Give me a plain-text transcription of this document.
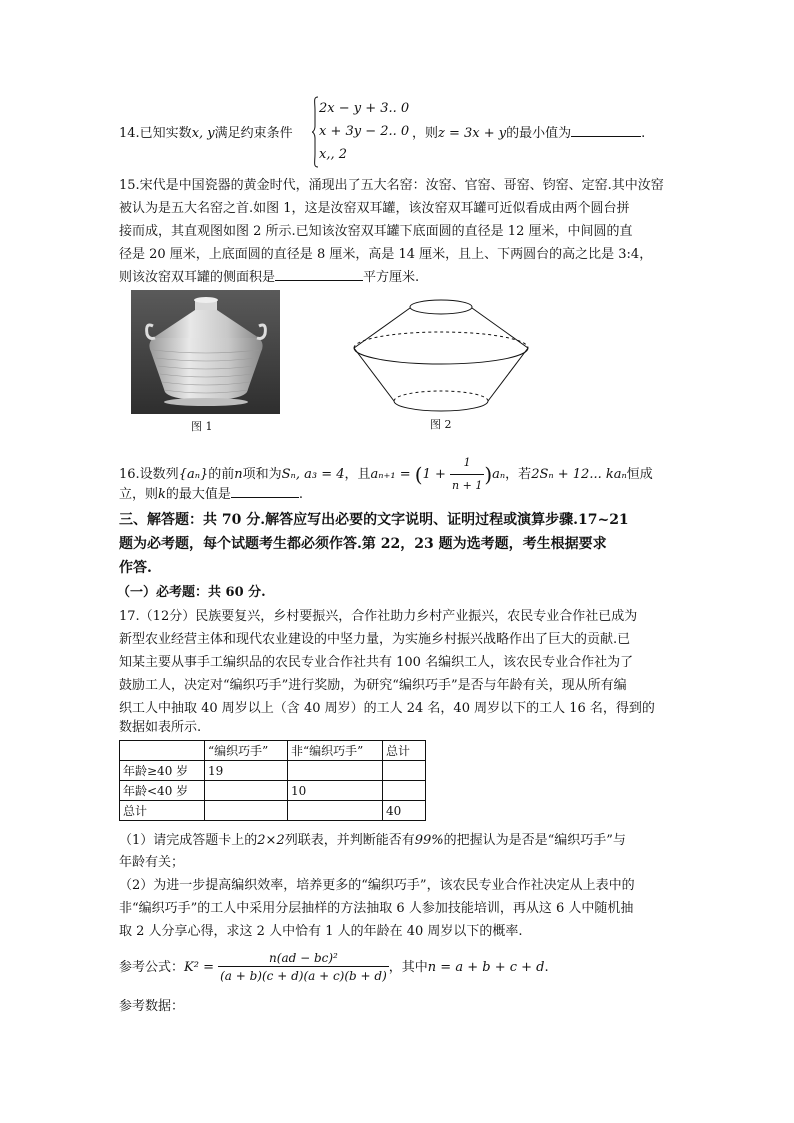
2x − y + 3.. 0
x + 3y − 2.. 0
x,, 2
14.已知实数x, y满足约束条件	，则z = 3x + y的最小值为	.
15.宋代是中国瓷器的黄金时代，涌现出了五大名窑：汝窑、官窑、哥窑、钧窑、定窑.其中汝窑
被认为是五大名窑之首.如图 1，这是汝窑双耳罐，该汝窑双耳罐可近似看成由两个圆台拼
接而成，其直观图如图 2 所示.已知该汝窑双耳罐下底面圆的直径是 12 厘米，中间圆的直
径是 20 厘米，上底面圆的直径是 8 厘米，高是 14 厘米，且上、下两圆台的高之比是 3:4，
则该汝窑双耳罐的侧面积是	平方厘米.
图 1	图 2
16.设数列{aₙ}的前n项和为Sₙ, a₃ = 4，且$a_{n+1} = (1 + \frac{1}{n + 1} )a_n$，若2Sₙ + 12... kaₙ恒成
立，则k的最大值是	.
三、解答题：共 70 分.解答应写出必要的文字说明、证明过程或演算步骤.17~21
题为必考题，每个试题考生都必须作答.第 22，23 题为选考题，考生根据要求
作答.
（一）必考题：共 60 分.
17.（12分）民族要复兴，乡村要振兴，合作社助力乡村产业振兴，农民专业合作社已成为
新型农业经营主体和现代农业建设的中坚力量，为实施乡村振兴战略作出了巨大的贡献.已
知某主要从事手工编织品的农民专业合作社共有 100 名编织工人，该农民专业合作社为了
鼓励工人，决定对“编织巧手”进行奖励，为研究“编织巧手”是否与年龄有关，现从所有编
织工人中抽取 40 周岁以上（含 40 周岁）的工人 24 名，40 周岁以下的工人 16 名，得到的
数据如表所示.
	“编织巧手”	非“编织巧手”	总计
年龄≥40 岁	19		
年龄<40 岁		10	
总计			40
（1）请完成答题卡上的2×2列联表，并判断能否有99%的把握认为是否是“编织巧手”与
年龄有关；
（2）为进一步提高编织效率，培养更多的“编织巧手”，该农民专业合作社决定从上表中的
非“编织巧手”的工人中采用分层抽样的方法抽取 6 人参加技能培训，再从这 6 人中随机抽
取 2 人分享心得，求这 2 人中恰有 1 人的年龄在 40 周岁以下的概率.
参考公式：$K^2 = \frac{\text{n(ad − bc)²}}{(a + b)(c + d)(a + c)(b + d)}$ ，其中n = a + b + c + d.
参考数据：
